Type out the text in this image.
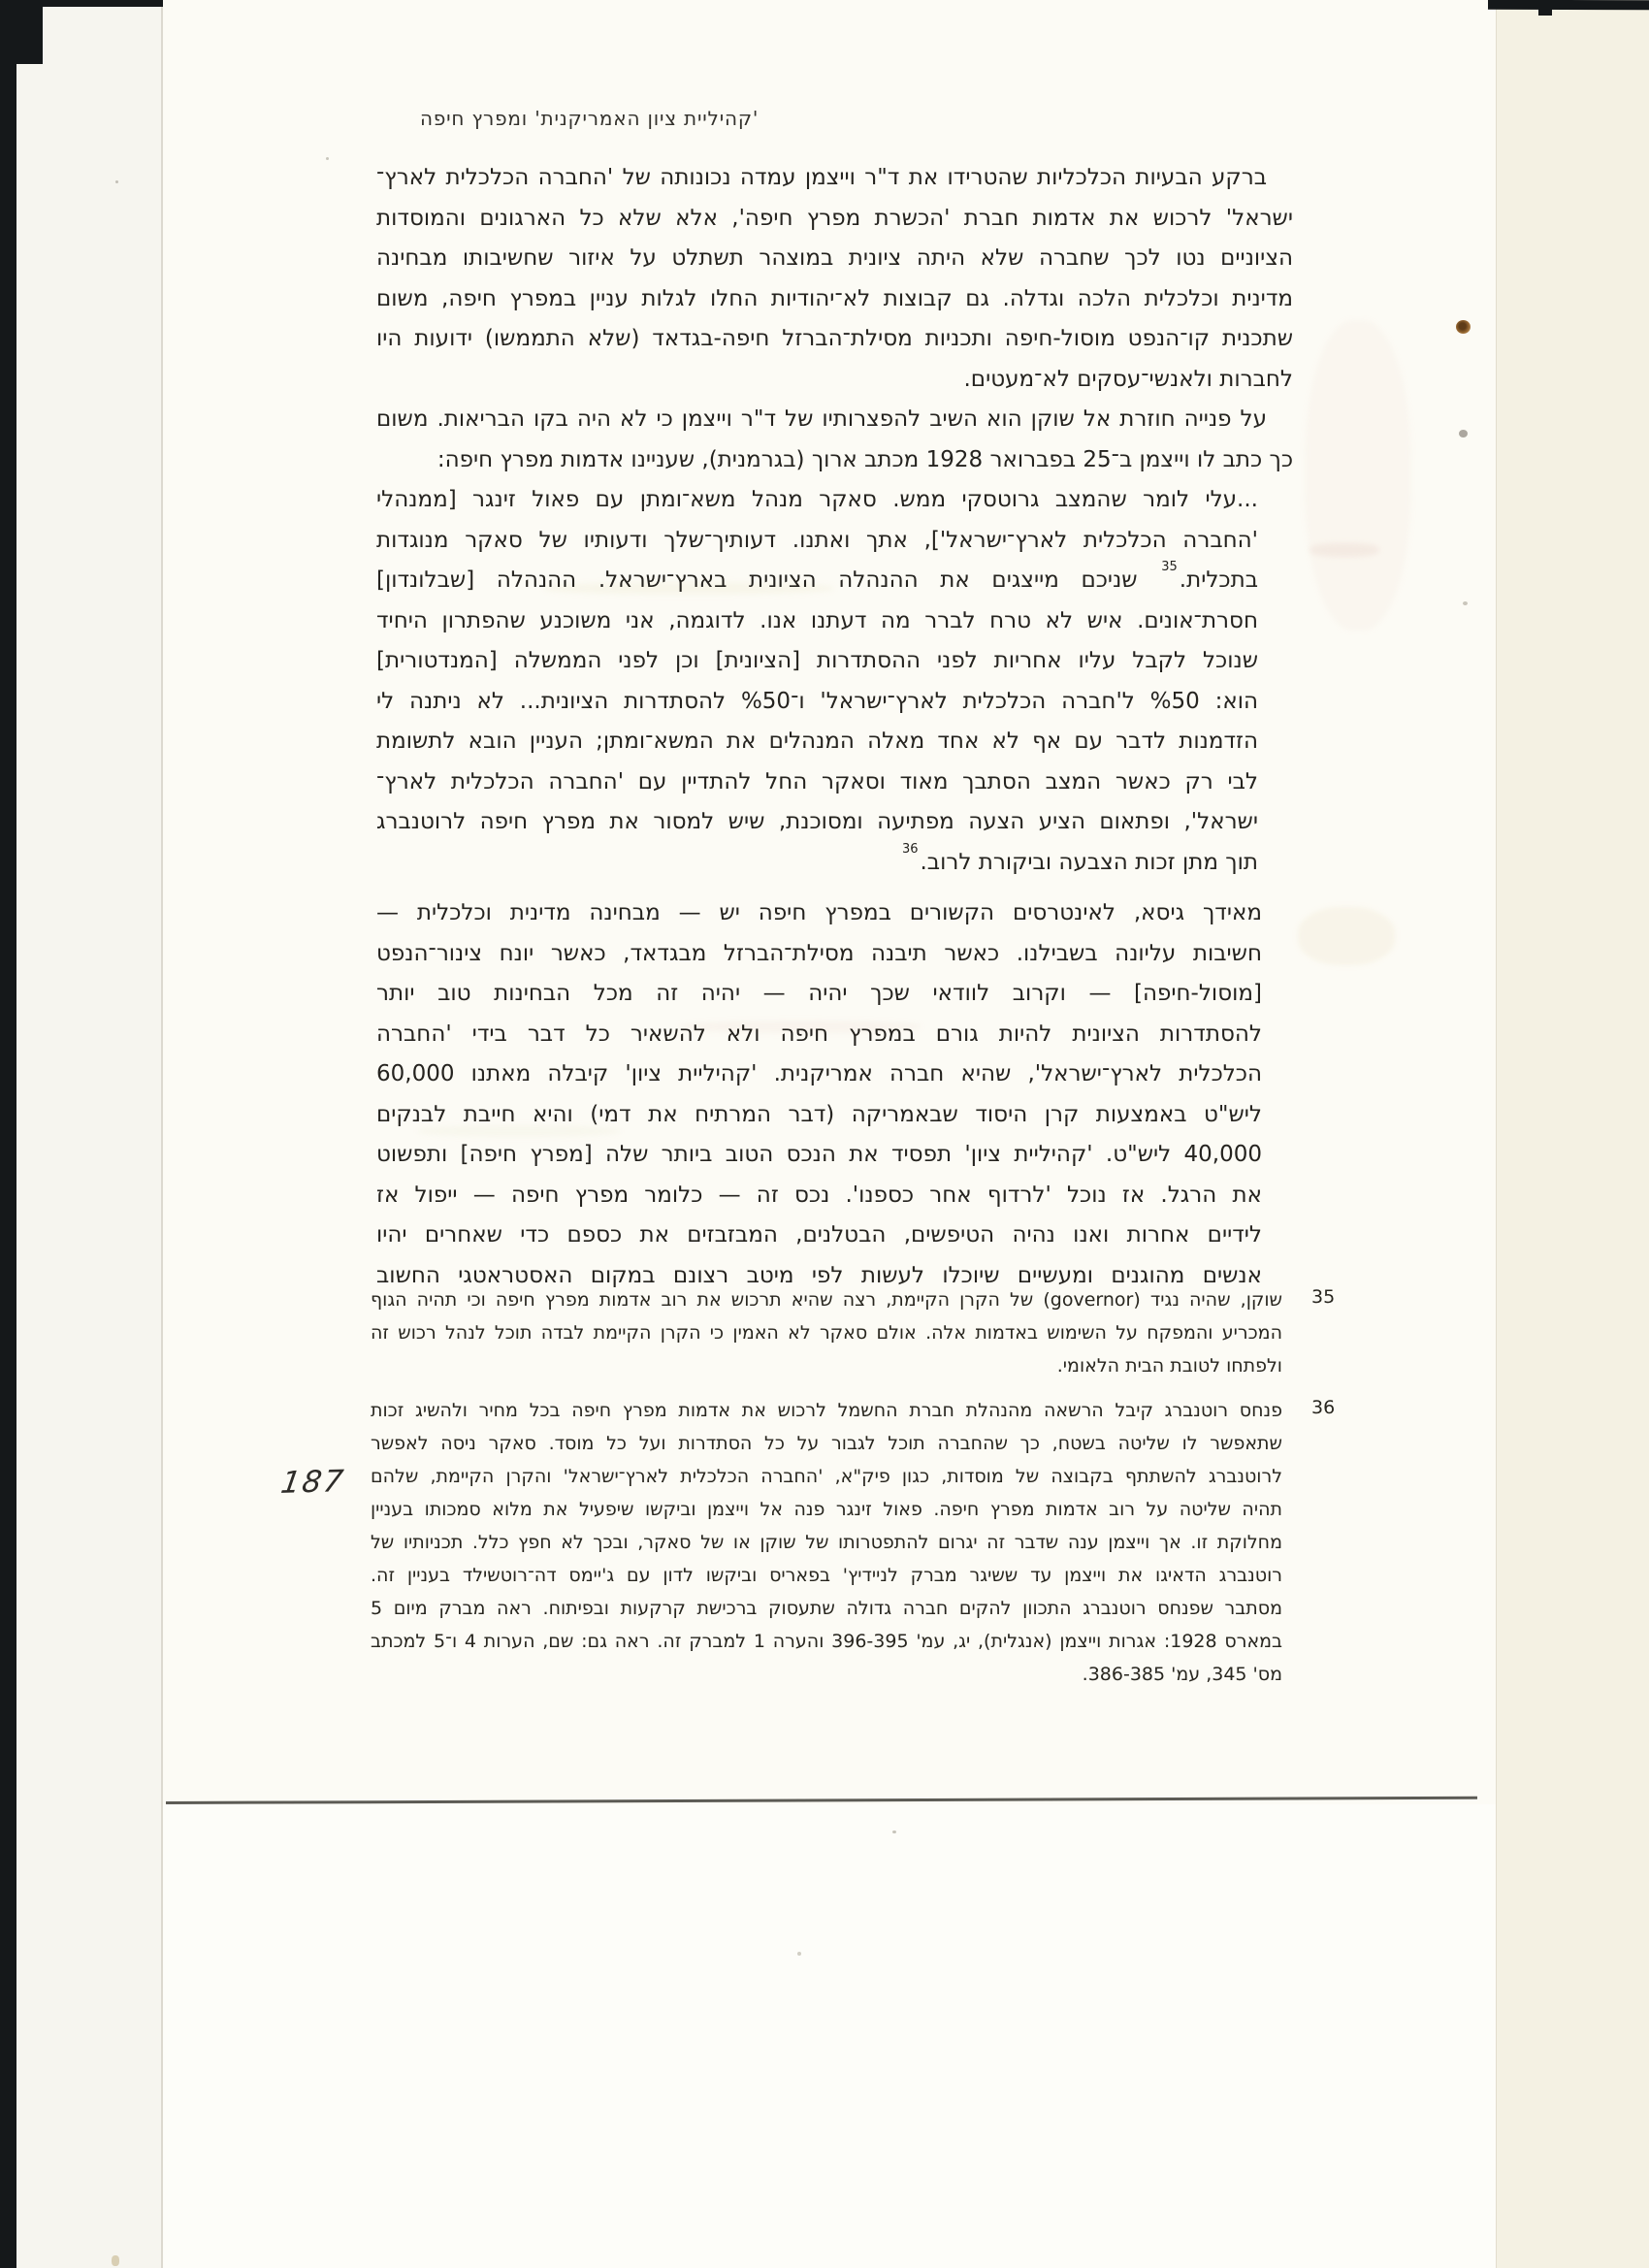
'קהיליית ציון האמריקנית' ומפרץ חיפה
ברקע הבעיות הכלכליות שהטרידו את ד"ר וייצמן עמדה נכונותה של 'החברה הכלכלית לארץ־
ישראל' לרכוש את אדמות חברת 'הכשרת מפרץ חיפה', אלא שלא כל הארגונים והמוסדות
הציוניים נטו לכך שחברה שלא היתה ציונית במוצהר תשתלט על איזור שחשיבותו מבחינה
מדינית וכלכלית הלכה וגדלה. גם קבוצות לא־יהודיות החלו לגלות עניין במפרץ חיפה, משום
שתכנית קו־הנפט מוסול-חיפה ותכניות מסילת־הברזל חיפה-בגדאד (שלא התממשו) ידועות היו
לחברות ולאנשי־עסקים לא־מעטים.
על פנייה חוזרת אל שוקן הוא השיב להפצרותיו של ד"ר וייצמן כי לא היה בקו הבריאות. משום
כך כתב לו וייצמן ב־25 בפברואר 1928 מכתב ארוך (בגרמנית), שעניינו אדמות מפרץ חיפה:
...עלי לומר שהמצב גרוטסקי ממש. סאקר מנהל משא־ומתן עם פאול זינגר [ממנהלי
'החברה הכלכלית לארץ־ישראל'], אתך ואתנו. דעותיך־שלך ודעותיו של סאקר מנוגדות
בתכלית.$^{35}$ שניכם מייצגים את ההנהלה הציונית בארץ־ישראל. ההנהלה [שבלונדון]
חסרת־אונים. איש לא טרח לברר מה דעתנו אנו. לדוגמה, אני משוכנע שהפתרון היחיד
שנוכל לקבל עליו אחריות לפני ההסתדרות [הציונית] וכן לפני הממשלה [המנדטורית]
הוא: %50 ל'חברה הכלכלית לארץ־ישראל' ו־%50 להסתדרות הציונית... לא ניתנה לי
הזדמנות לדבר עם אף לא אחד מאלה המנהלים את המשא־ומתן; העניין הובא לתשומת
לבי רק כאשר המצב הסתבך מאוד וסאקר החל להתדיין עם 'החברה הכלכלית לארץ־
ישראל', ופתאום הציע הצעה מפתיעה ומסוכנת, שיש למסור את מפרץ חיפה לרוטנברג
תוך מתן זכות הצבעה וביקורת לרוב.$^{36}$
מאידך גיסא, לאינטרסים הקשורים במפרץ חיפה יש — מבחינה מדינית וכלכלית —
חשיבות עליונה בשבילנו. כאשר תיבנה מסילת־הברזל מבגדאד, כאשר יונח צינור־הנפט
[מוסול-חיפה] — וקרוב לוודאי שכך יהיה — יהיה זה מכל הבחינות טוב יותר
להסתדרות הציונית להיות גורם במפרץ חיפה ולא להשאיר כל דבר בידי 'החברה
הכלכלית לארץ־ישראל', שהיא חברה אמריקנית. 'קהיליית ציון' קיבלה מאתנו 60,000
ליש"ט באמצעות קרן היסוד שבאמריקה (דבר המרתיח את דמי) והיא חייבת לבנקים
40,000 ליש"ט. 'קהיליית ציון' תפסיד את הנכס הטוב ביותר שלה [מפרץ חיפה] ותפשוט
את הרגל. אז נוכל 'לרדוף אחר כספנו'. נכס זה — כלומר מפרץ חיפה — ייפול אז
לידיים אחרות ואנו נהיה הטיפשים, הבטלנים, המבזבזים את כספם כדי שאחרים יהיו
אנשים מהוגנים ומעשיים שיוכלו לעשות לפי מיטב רצונם במקום האסטראטגי החשוב
35
36
שוקן, שהיה נגיד (governor) של הקרן הקיימת, רצה שהיא תרכוש את רוב אדמות מפרץ חיפה וכי תהיה הגוף
המכריע והמפקח על השימוש באדמות אלה. אולם סאקר לא האמין כי הקרן הקיימת לבדה תוכל לנהל רכוש זה
ולפתחו לטובת הבית הלאומי.
פנחס רוטנברג קיבל הרשאה מהנהלת חברת החשמל לרכוש את אדמות מפרץ חיפה בכל מחיר ולהשיג זכות
שתאפשר לו שליטה בשטח, כך שהחברה תוכל לגבור על כל הסתדרות ועל כל מוסד. סאקר ניסה לאפשר
לרוטנברג להשתתף בקבוצה של מוסדות, כגון פיק"א, 'החברה הכלכלית לארץ־ישראל' והקרן הקיימת, שלהם
תהיה שליטה על רוב אדמות מפרץ חיפה. פאול זינגר פנה אל וייצמן וביקשו שיפעיל את מלוא סמכותו בעניין
מחלוקת זו. אך וייצמן ענה שדבר זה יגרום להתפטרותו של שוקן או של סאקר, ובכך לא חפץ כלל. תכניותיו של
רוטנברג הדאיגו את וייצמן עד ששיגר מברק לניידיץ' בפאריס וביקשו לדון עם ג'יימס דה־רוטשילד בעניין זה.
מסתבר שפנחס רוטנברג התכוון להקים חברה גדולה שתעסוק ברכישת קרקעות ובפיתוח. ראה מברק מיום 5
במארס 1928: אגרות וייצמן (אנגלית), יג, עמ' 396-395 והערה 1 למברק זה. ראה גם: שם, הערות 4 ו־5 למכתב
מס' 345, עמ' 386-385.
187
